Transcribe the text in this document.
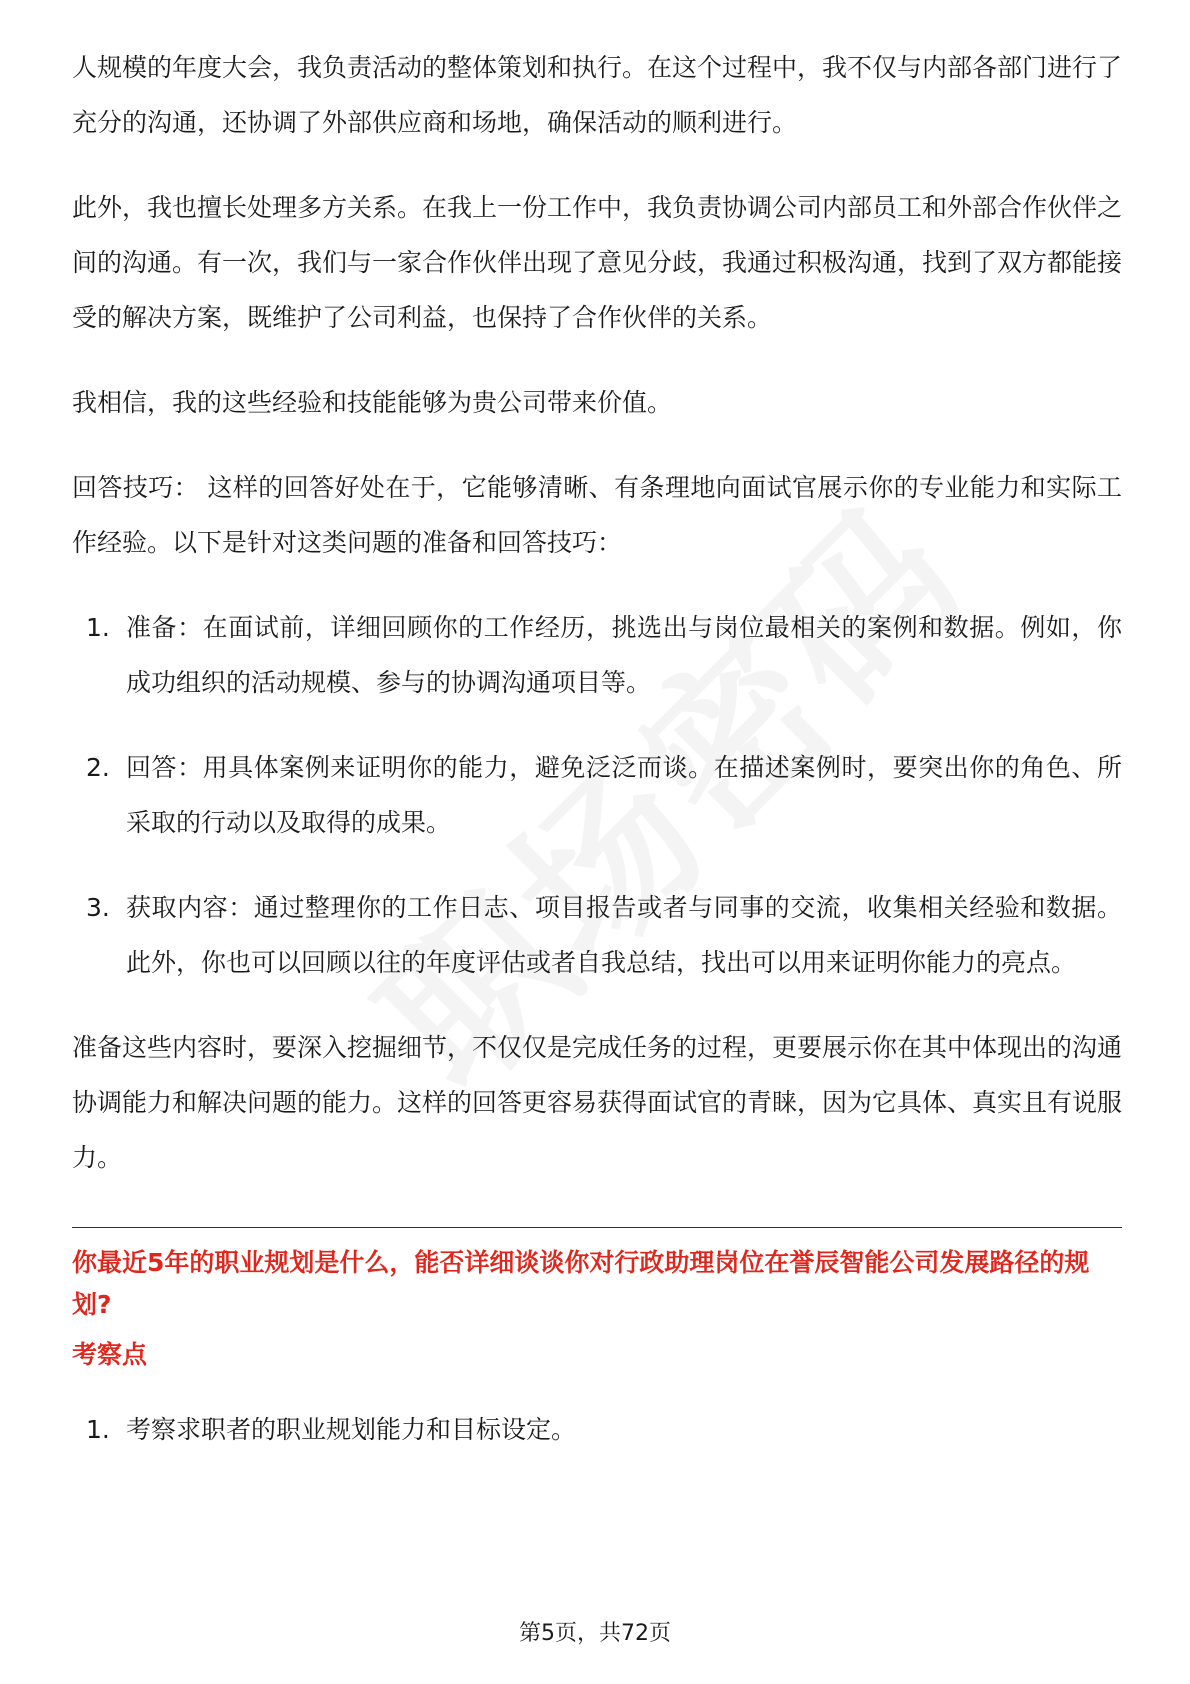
人规模的年度大会，我负责活动的整体策划和执行。在这个过程中，我不仅与内部各部门进行了充分的沟通，还协调了外部供应商和场地，确保活动的顺利进行。

此外，我也擅长处理多方关系。在我上一份工作中，我负责协调公司内部员工和外部合作伙伴之间的沟通。有一次，我们与一家合作伙伴出现了意见分歧，我通过积极沟通，找到了双方都能接受的解决方案，既维护了公司利益，也保持了合作伙伴的关系。

我相信，我的这些经验和技能能够为贵公司带来价值。

回答技巧： 这样的回答好处在于，它能够清晰、有条理地向面试官展示你的专业能力和实际工作经验。以下是针对这类问题的准备和回答技巧：

1. 准备：在面试前，详细回顾你的工作经历，挑选出与岗位最相关的案例和数据。例如，你成功组织的活动规模、参与的协调沟通项目等。
2. 回答：用具体案例来证明你的能力，避免泛泛而谈。在描述案例时，要突出你的角色、所采取的行动以及取得的成果。
3. 获取内容：通过整理你的工作日志、项目报告或者与同事的交流，收集相关经验和数据。此外，你也可以回顾以往的年度评估或者自我总结，找出可以用来证明你能力的亮点。

准备这些内容时，要深入挖掘细节，不仅仅是完成任务的过程，更要展示你在其中体现出的沟通协调能力和解决问题的能力。这样的回答更容易获得面试官的青睐，因为它具体、真实且有说服力。

你最近5年的职业规划是什么，能否详细谈谈你对行政助理岗位在誉辰智能公司发展路径的规划?

考察点

1. 考察求职者的职业规划能力和目标设定。
第5页，共72页
